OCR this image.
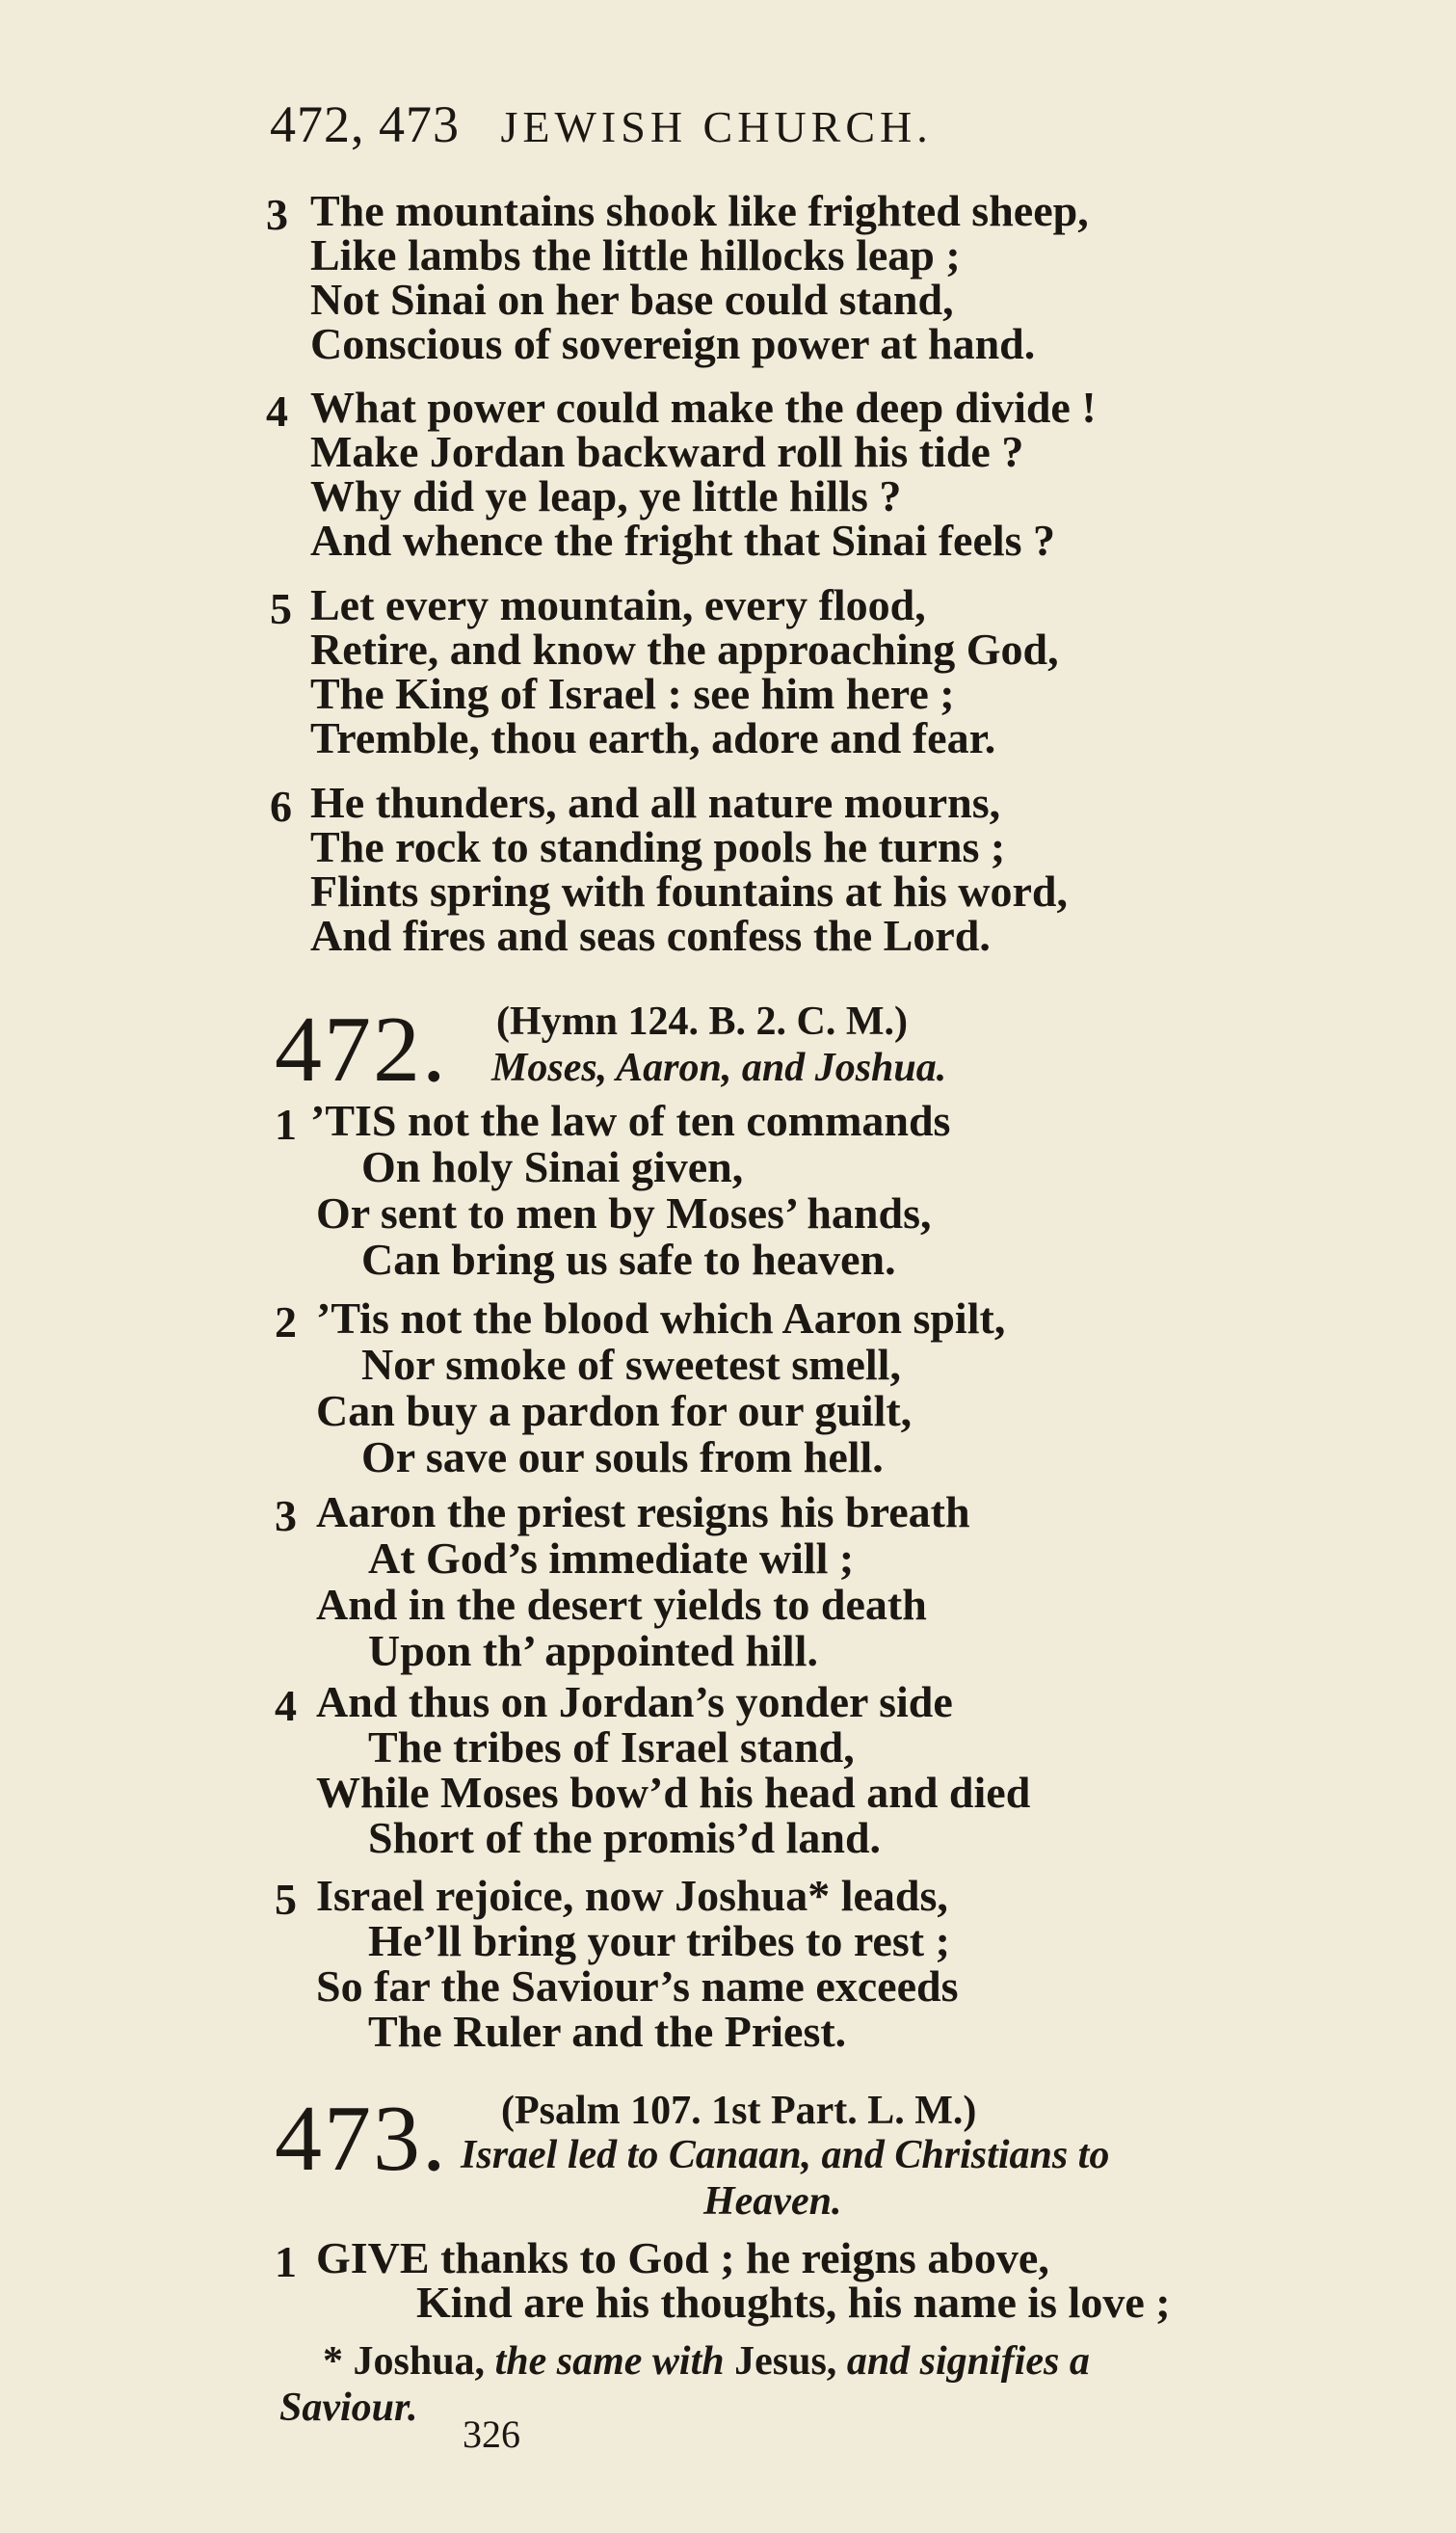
472, 473 JEWISH CHURCH.
3 The mountains shook like frighted sheep,
Like lambs the little hillocks leap ;
Not Sinai on her base could stand,
Conscious of sovereign power at hand.
4 What power could make the deep divide !
Make Jordan backward roll his tide ?
Why did ye leap, ye little hills ?
And whence the fright that Sinai feels ?
5 Let every mountain, every flood,
Retire, and know the approaching God,
The King of Israel : see him here ;
Tremble, thou earth, adore and fear.
6 He thunders, and all nature mourns,
The rock to standing pools he turns ;
Flints spring with fountains at his word,
And fires and seas confess the Lord.
472. (Hymn 124. B. 2. C. M.)
Moses, Aaron, and Joshua.
1 ’TIS not the law of ten commands
On holy Sinai given,
Or sent to men by Moses’ hands,
Can bring us safe to heaven.
2 ’Tis not the blood which Aaron spilt,
Nor smoke of sweetest smell,
Can buy a pardon for our guilt,
Or save our souls from hell.
3 Aaron the priest resigns his breath
At God’s immediate will ;
And in the desert yields to death
Upon th’ appointed hill.
4 And thus on Jordan’s yonder side
The tribes of Israel stand,
While Moses bow’d his head and died
Short of the promis’d land.
5 Israel rejoice, now Joshua* leads,
He’ll bring your tribes to rest ;
So far the Saviour’s name exceeds
The Ruler and the Priest.
473. (Psalm 107. 1st Part. L. M.)
Israel led to Canaan, and Christians to
Heaven.
1 GIVE thanks to God ; he reigns above,
Kind are his thoughts, his name is love ;
* Joshua, the same with Jesus, and signifies a
Saviour.
326
